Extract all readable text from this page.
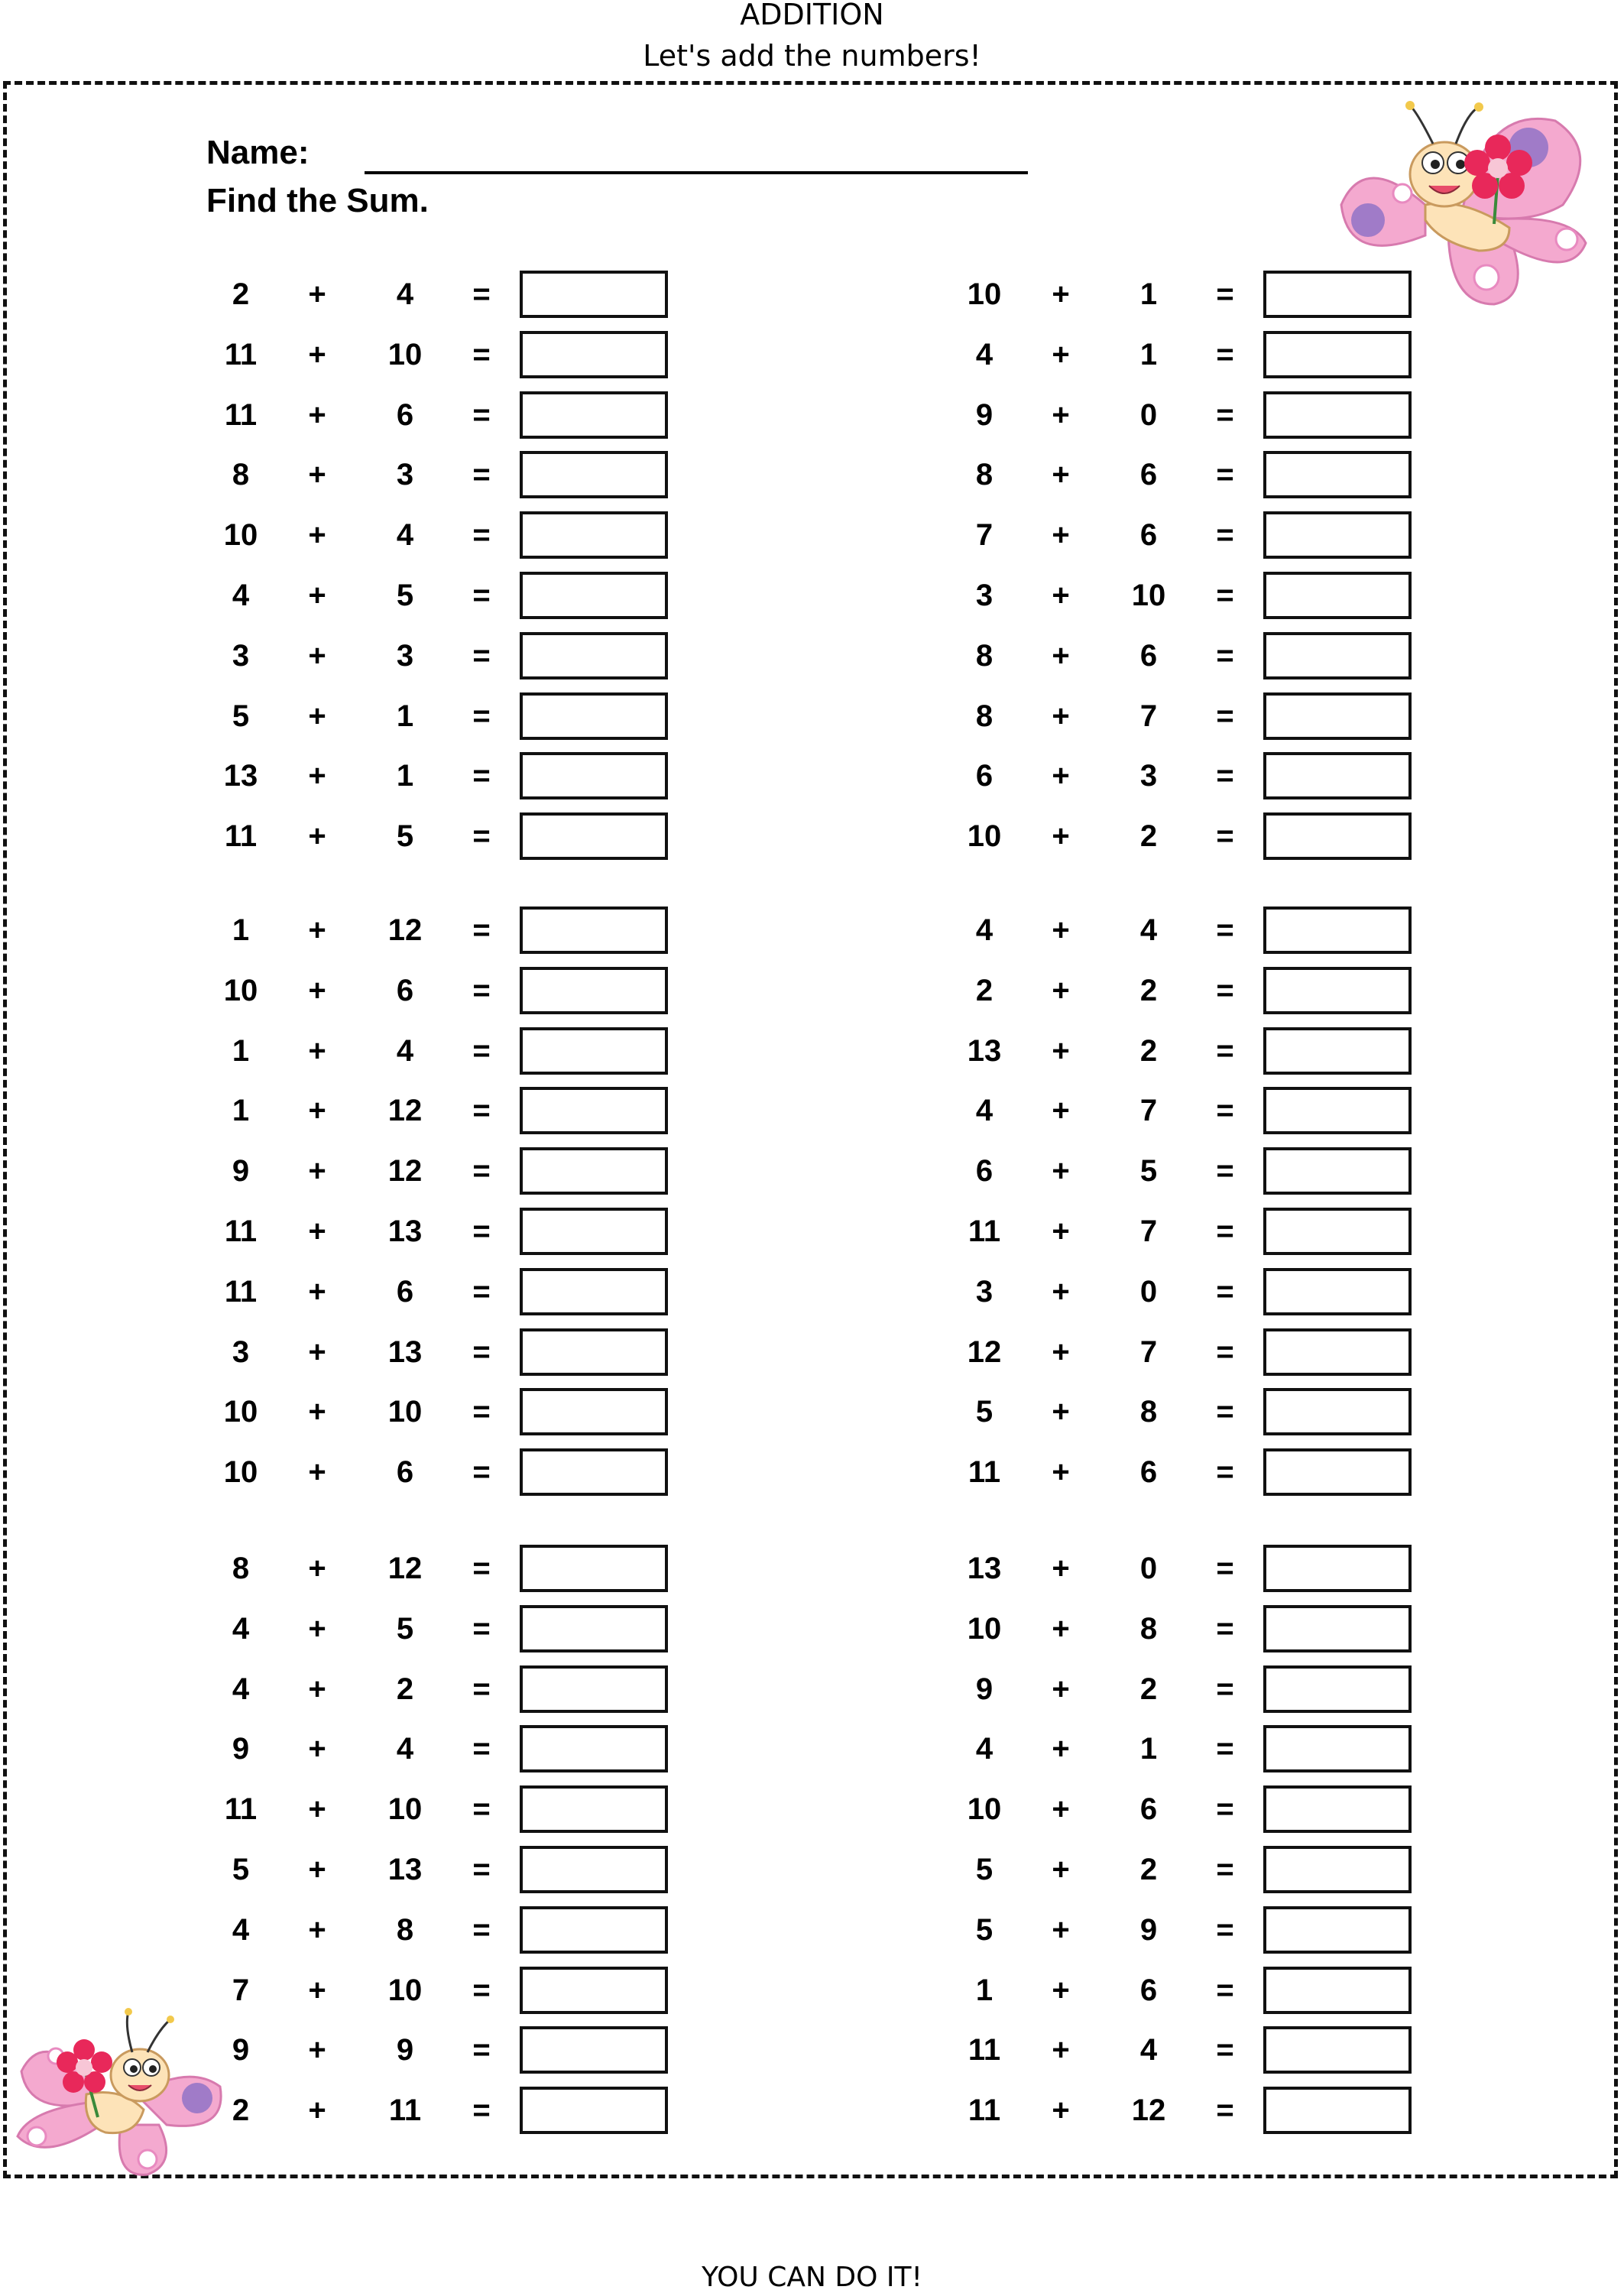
ADDITION
Let's add the numbers!
Name:
Find the Sum.
2	+	4	=
11	+	10	=
11	+	6	=
8	+	3	=
10	+	4	=
4	+	5	=
3	+	3	=
5	+	1	=
13	+	1	=
11	+	5	=
1	+	12	=
10	+	6	=
1	+	4	=
1	+	12	=
9	+	12	=
11	+	13	=
11	+	6	=
3	+	13	=
10	+	10	=
10	+	6	=
8	+	12	=
4	+	5	=
4	+	2	=
9	+	4	=
11	+	10	=
5	+	13	=
4	+	8	=
7	+	10	=
9	+	9	=
2	+	11	=
10	+	1	=
4	+	1	=
9	+	0	=
8	+	6	=
7	+	6	=
3	+	10	=
8	+	6	=
8	+	7	=
6	+	3	=
10	+	2	=
4	+	4	=
2	+	2	=
13	+	2	=
4	+	7	=
6	+	5	=
11	+	7	=
3	+	0	=
12	+	7	=
5	+	8	=
11	+	6	=
13	+	0	=
10	+	8	=
9	+	2	=
4	+	1	=
10	+	6	=
5	+	2	=
5	+	9	=
1	+	6	=
11	+	4	=
11	+	12	=
YOU CAN DO IT!
